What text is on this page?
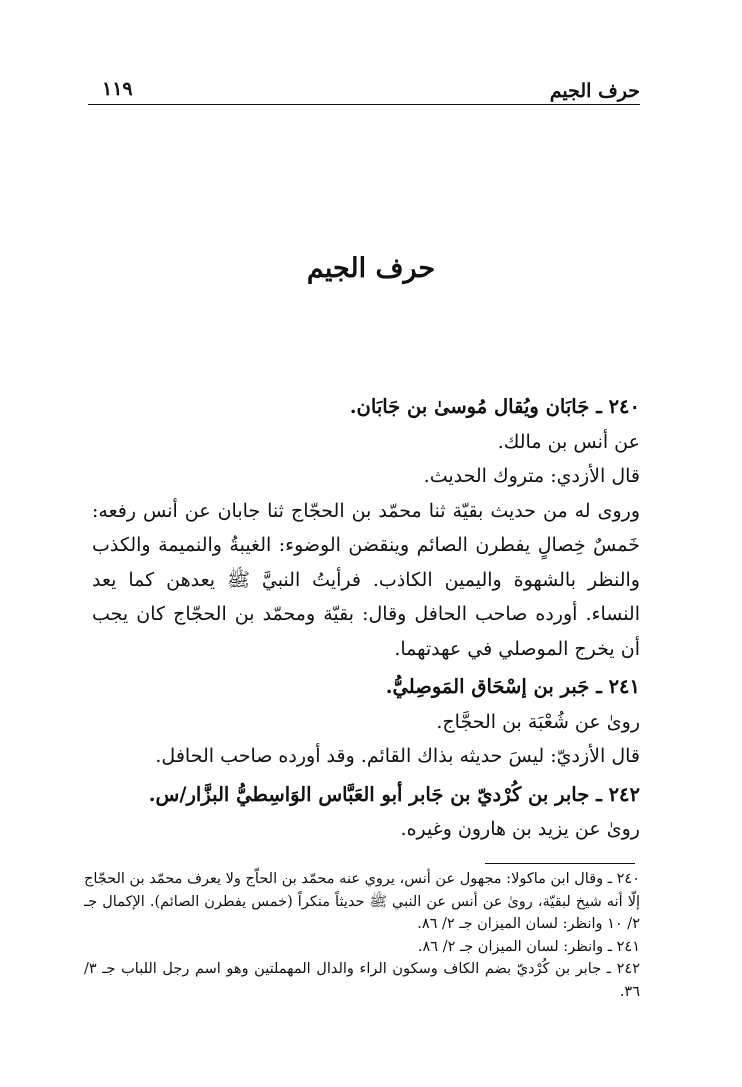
حرف الجيم
١١٩
حرف الجيم

٢٤٠ ـ جَابَان ويُقال مُوسىٰ بن جَابَان.

عن أنس بن مالك.

قال الأزدي: متروك الحديث.

وروى له من حديث بقيّة ثنا محمّد بن الحجّاج ثنا جابان عن أنس رفعه: خَمسٌ خِصالٍ يفطرن الصائم وينقضن الوضوء: الغيبةُ والنميمة والكذب والنظر بالشهوة واليمين الكاذب. فرأيتُ النبيَّ ﷺ يعدهن كما يعد النساء. أورده صاحب الحافل وقال: بقيّة ومحمّد بن الحجّاج كان يجب أن يخرج الموصلي في عهدتهما.

٢٤١ ـ جَبر بن إسْحَاق المَوصِليُّ.

روىٰ عن شُعْبَة بن الحجَّاج.

قال الأزديّ: ليسَ حديثه بذاك القائم. وقد أورده صاحب الحافل.

٢٤٢ ـ جابر بن كُرْديّ بن جَابر أبو العَبَّاس الوَاسِطيُّ البزَّار/س.

روىٰ عن يزيد بن هارون وغيره.

٢٤٠ ـ وقال ابن ماكولا: مجهول عن أنس، يروي عنه محمّد بن الحاّج ولا يعرف محمّد بن الحجّاج إلّا أنه شيخ لبقيّة، روىٰ عن أنس عن النبي ﷺ حديثاً منكراً (خمس يفطرن الصائم). الإكمال جـ ٢/ ١٠ وانظر: لسان الميزان جـ ٢/ ٨٦.

٢٤١ ـ وانظر: لسان الميزان جـ ٢/ ٨٦.

٢٤٢ ـ جابر بن كُرْديّ بضم الكاف وسكون الراء والدال المهملتين وهو اسم رجل اللباب جـ ٣/ ٣٦.
